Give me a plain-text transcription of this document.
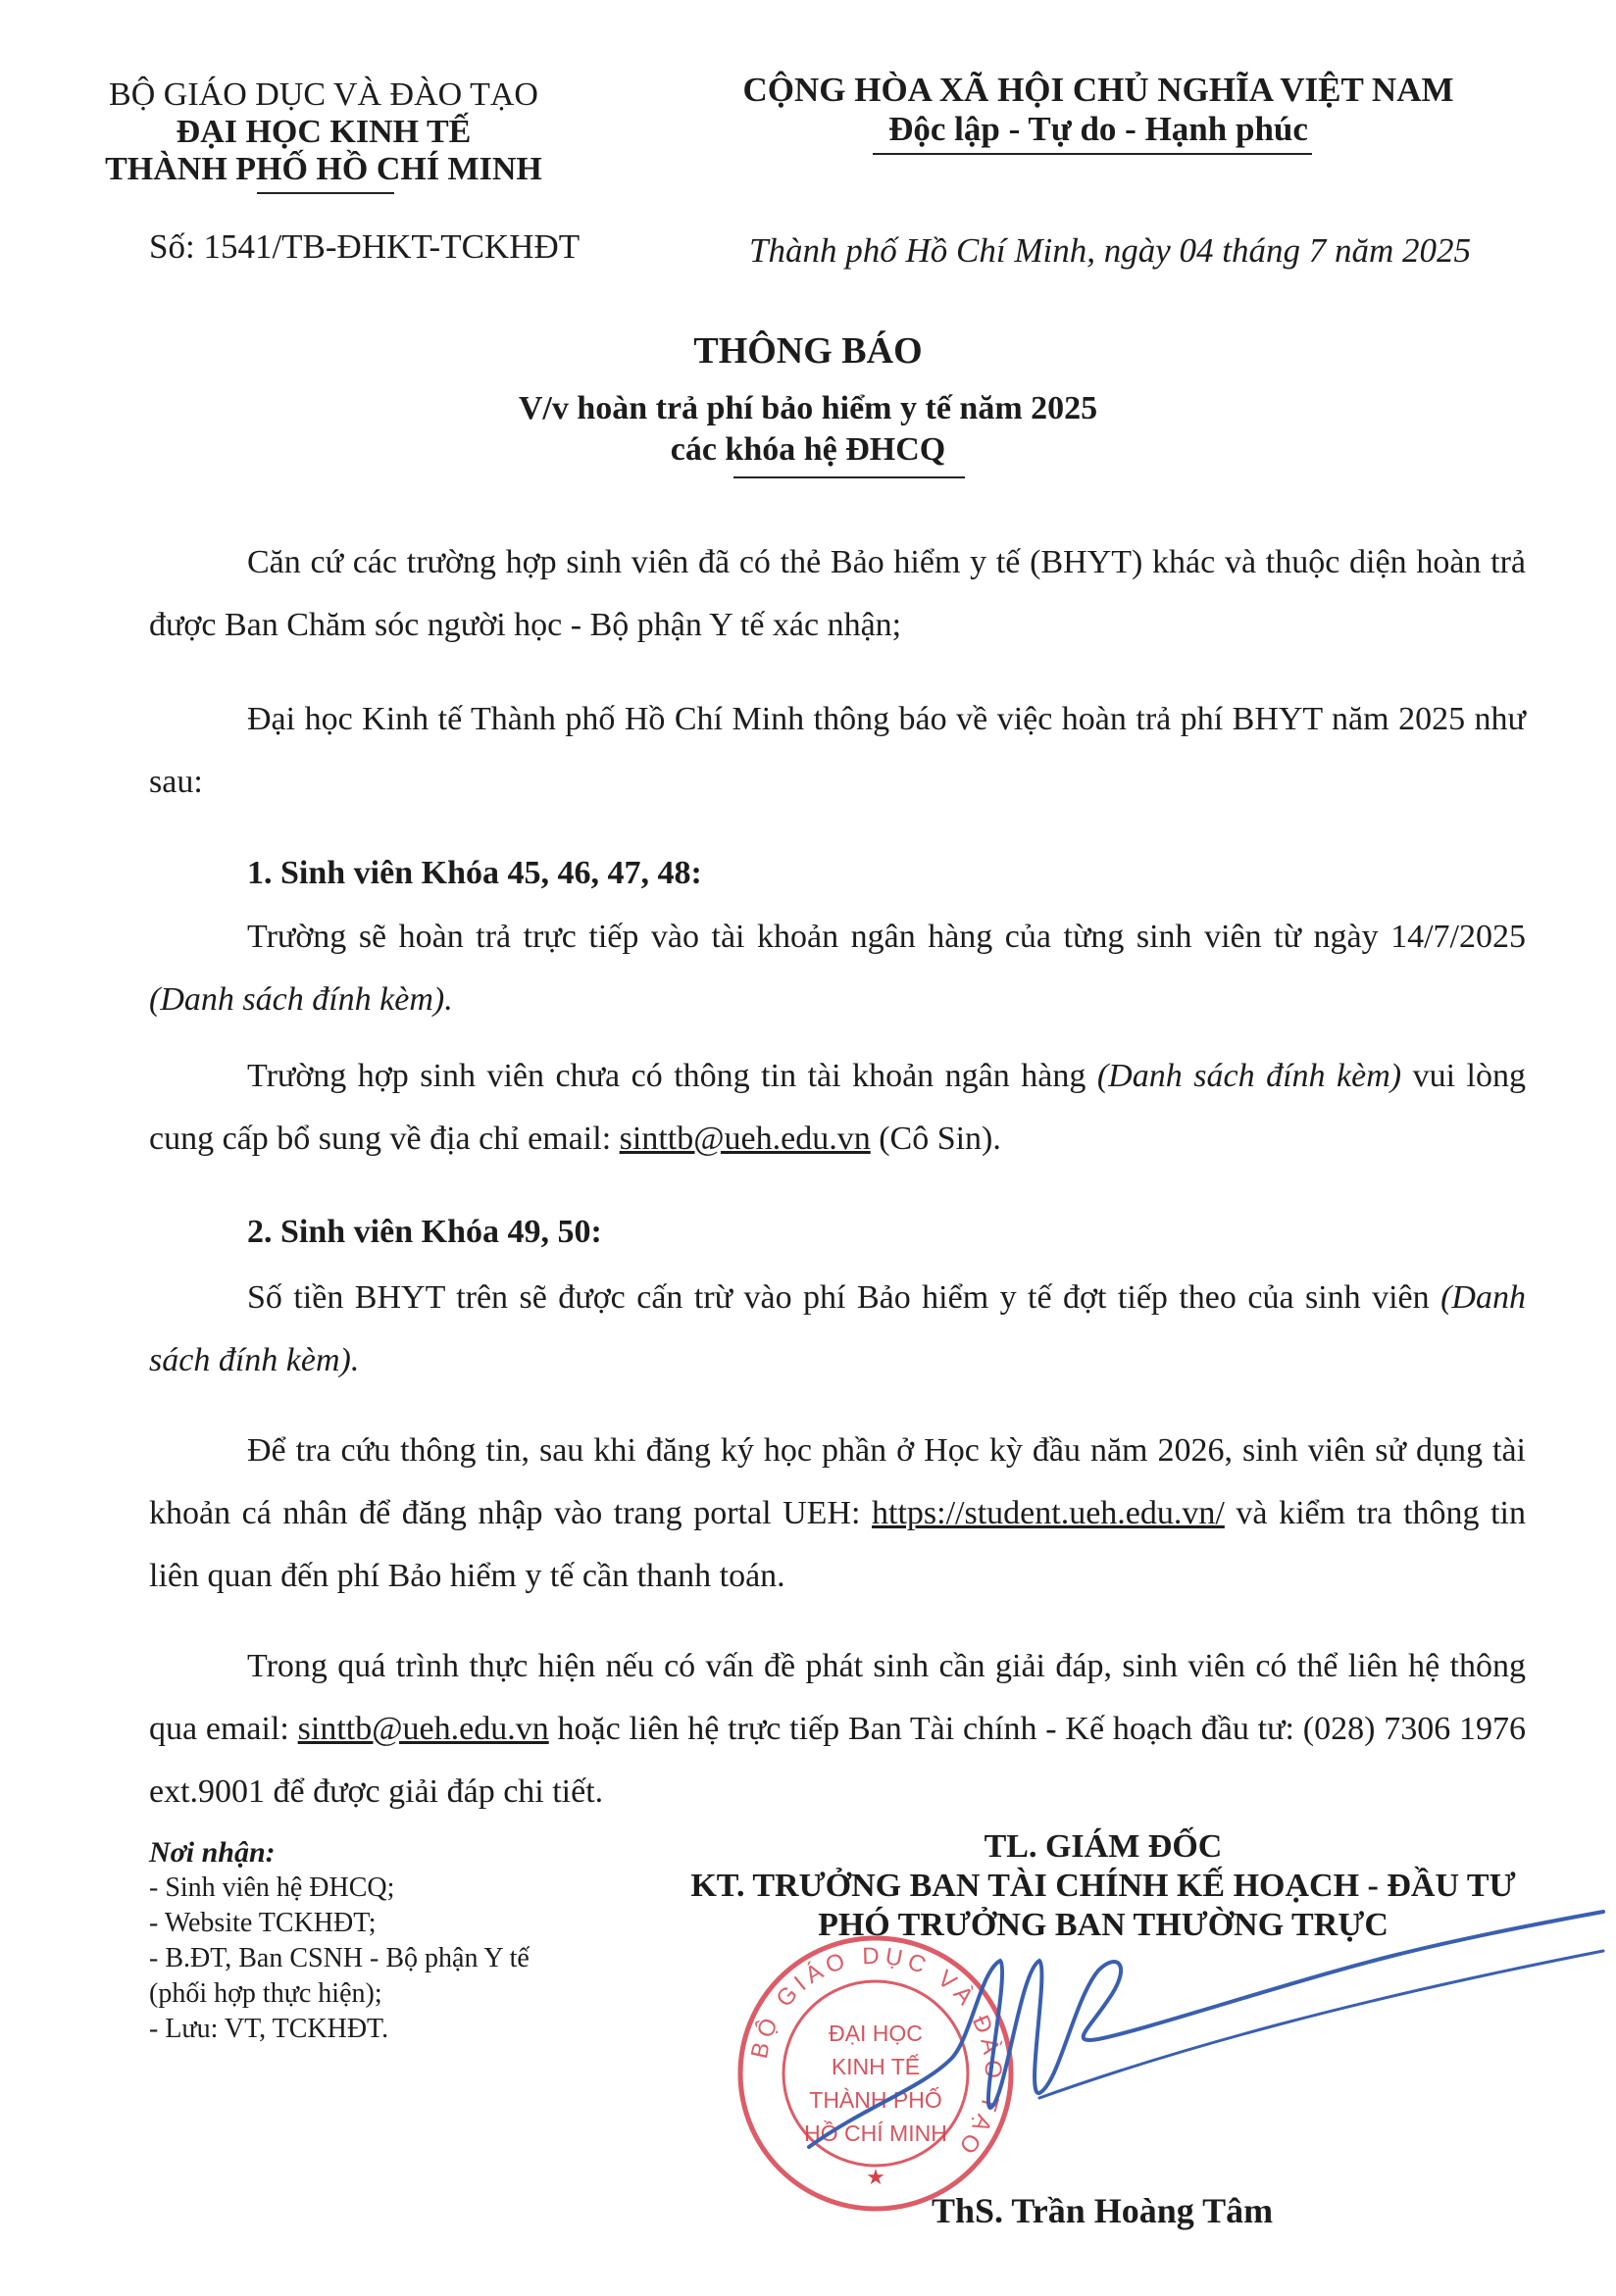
BỘ GIÁO DỤC VÀ ĐÀO TẠO
ĐẠI HỌC KINH TẾ
THÀNH PHỐ HỒ CHÍ MINH
CỘNG HÒA XÃ HỘI CHỦ NGHĨA VIỆT NAM
Độc lập - Tự do - Hạnh phúc
Số: 1541/TB-ĐHKT-TCKHĐT	Thành phố Hồ Chí Minh, ngày 04 tháng 7 năm 2025
THÔNG BÁO
V/v hoàn trả phí bảo hiểm y tế năm 2025
các khóa hệ ĐHCQ
Căn cứ các trường hợp sinh viên đã có thẻ Bảo hiểm y tế (BHYT) khác và thuộc diện hoàn trả được Ban Chăm sóc người học - Bộ phận Y tế xác nhận;
Đại học Kinh tế Thành phố Hồ Chí Minh thông báo về việc hoàn trả phí BHYT năm 2025 như sau:
1. Sinh viên Khóa 45, 46, 47, 48:
Trường sẽ hoàn trả trực tiếp vào tài khoản ngân hàng của từng sinh viên từ ngày 14/7/2025 (Danh sách đính kèm).
Trường hợp sinh viên chưa có thông tin tài khoản ngân hàng (Danh sách đính kèm) vui lòng cung cấp bổ sung về địa chỉ email: sinttb@ueh.edu.vn (Cô Sin).
2. Sinh viên Khóa 49, 50:
Số tiền BHYT trên sẽ được cấn trừ vào phí Bảo hiểm y tế đợt tiếp theo của sinh viên (Danh sách đính kèm).
Để tra cứu thông tin, sau khi đăng ký học phần ở Học kỳ đầu năm 2026, sinh viên sử dụng tài khoản cá nhân để đăng nhập vào trang portal UEH: https://student.ueh.edu.vn/ và kiểm tra thông tin liên quan đến phí Bảo hiểm y tế cần thanh toán.
Trong quá trình thực hiện nếu có vấn đề phát sinh cần giải đáp, sinh viên có thể liên hệ thông qua email: sinttb@ueh.edu.vn hoặc liên hệ trực tiếp Ban Tài chính - Kế hoạch đầu tư: (028) 7306 1976 ext.9001 để được giải đáp chi tiết.
Nơi nhận:
- Sinh viên hệ ĐHCQ;
- Website TCKHĐT;
- B.ĐT, Ban CSNH - Bộ phận Y tế
(phối hợp thực hiện);
- Lưu: VT, TCKHĐT.
TL. GIÁM ĐỐC
KT. TRƯỞNG BAN TÀI CHÍNH KẾ HOẠCH - ĐẦU TƯ
PHÓ TRƯỞNG BAN THƯỜNG TRỰC
BỘ GIÁO DỤC VÀ ĐÀO TẠO
ĐẠI HỌC
KINH TẾ
THÀNH PHỐ
HỒ CHÍ MINH
★
ThS. Trần Hoàng Tâm
